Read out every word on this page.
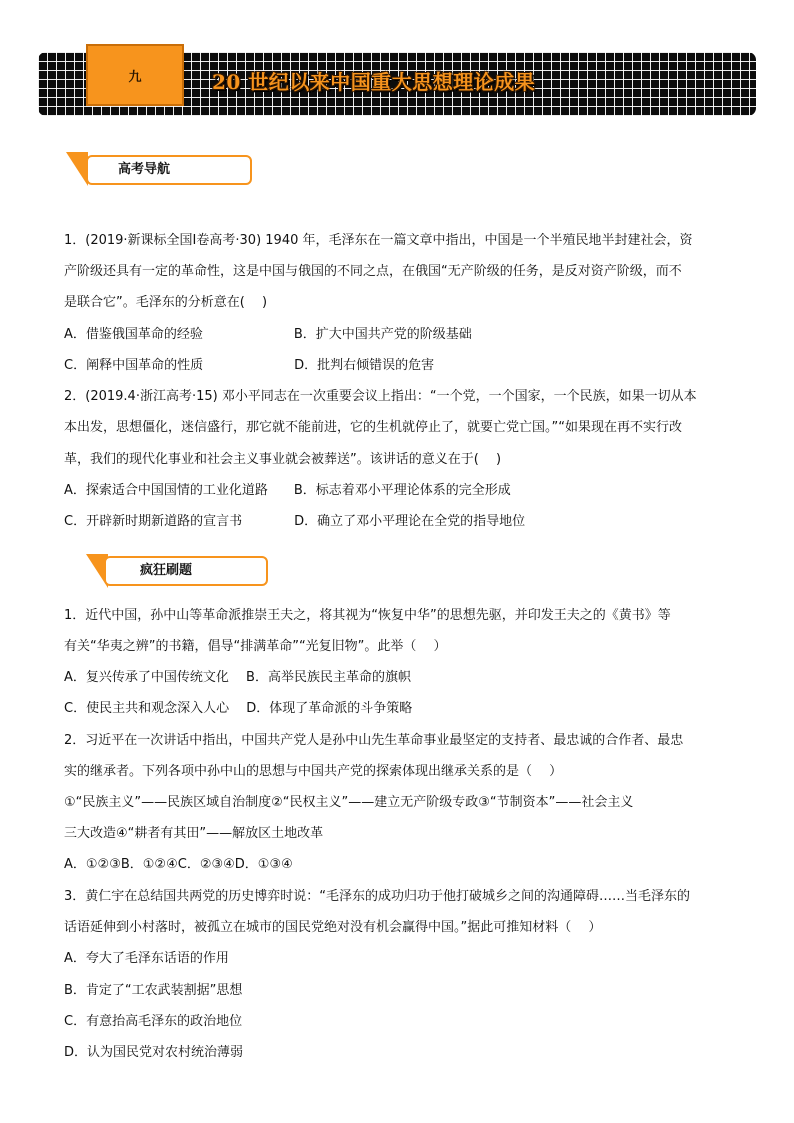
九	20 世纪以来中国重大思想理论成果
高考导航
1．(2019·新课标全国Ⅰ卷高考·30) 1940 年，毛泽东在一篇文章中指出，中国是一个半殖民地半封建社会，资
产阶级还具有一定的革命性，这是中国与俄国的不同之点，在俄国“无产阶级的任务，是反对资产阶级，而不
是联合它”。毛泽东的分析意在(　 )
A．借鉴俄国革命的经验　　　　　　　B．扩大中国共产党的阶级基础
C．阐释中国革命的性质　　　　　　　D．批判右倾错误的危害
2．(2019.4·浙江高考·15) 邓小平同志在一次重要会议上指出：“一个党，一个国家，一个民族，如果一切从本
本出发，思想僵化，迷信盛行，那它就不能前进，它的生机就停止了，就要亡党亡国。”“如果现在再不实行改
革，我们的现代化事业和社会主义事业就会被葬送”。该讲话的意义在于(　 )
A．探索适合中国国情的工业化道路　　B．标志着邓小平理论体系的完全形成
C．开辟新时期新道路的宣言书　　　　D．确立了邓小平理论在全党的指导地位
疯狂刷题
1．近代中国，孙中山等革命派推崇王夫之，将其视为“恢复中华”的思想先驱，并印发王夫之的《黄书》等
有关“华夷之辨”的书籍，倡导“排满革命”“光复旧物”。此举（　 ）
A．复兴传承了中国传统文化　 B．高举民族民主革命的旗帜
C．使民主共和观念深入人心　 D．体现了革命派的斗争策略
2．习近平在一次讲话中指出，中国共产党人是孙中山先生革命事业最坚定的支持者、最忠诚的合作者、最忠
实的继承者。下列各项中孙中山的思想与中国共产党的探索体现出继承关系的是（　 ）
①“民族主义”——民族区域自治制度②“民权主义”——建立无产阶级专政③“节制资本”——社会主义
三大改造④“耕者有其田”——解放区土地改革
A．①②③B．①②④C．②③④D．①③④
3．黄仁宇在总结国共两党的历史博弈时说：“毛泽东的成功归功于他打破城乡之间的沟通障碍……当毛泽东的
话语延伸到小村落时，被孤立在城市的国民党绝对没有机会赢得中国。”据此可推知材料（　 ）
A．夸大了毛泽东话语的作用
B．肯定了“工农武装割据”思想
C．有意抬高毛泽东的政治地位
D．认为国民党对农村统治薄弱
